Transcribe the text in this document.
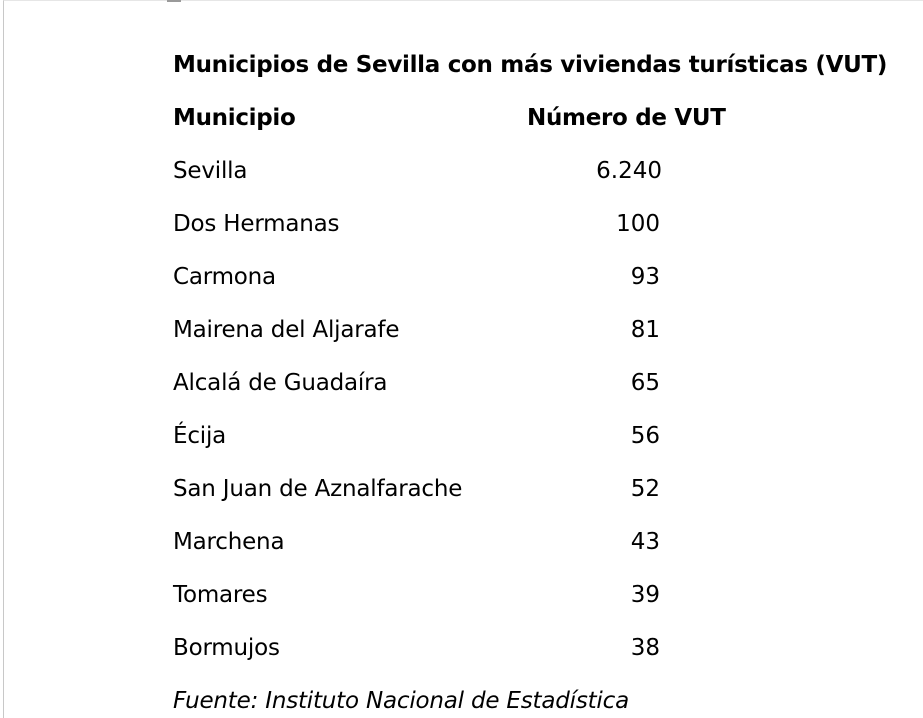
Municipios de Sevilla con más viviendas turísticas (VUT)
Municipio	Número de VUT
Sevilla	6.240
Dos Hermanas	100
Carmona	93
Mairena del Aljarafe	81
Alcalá de Guadaíra	65
Écija	56
San Juan de Aznalfarache	52
Marchena	43
Tomares	39
Bormujos	38
Fuente: Instituto Nacional de Estadística
